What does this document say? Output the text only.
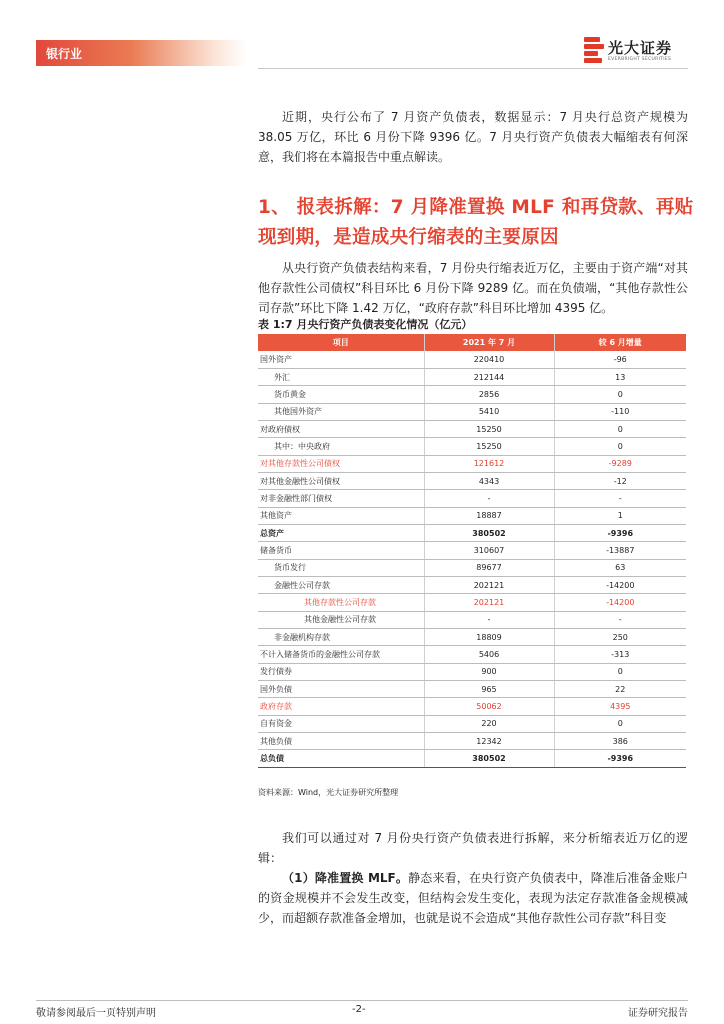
银行业	光大证券
EVERBRIGHT SECURITIES

近期，央行公布了 7 月资产负债表，数据显示：7 月央行总资产规模为 38.05 万亿，环比 6 月份下降 9396 亿。7 月央行资产负债表大幅缩表有何深意，我们将在本篇报告中重点解读。

1、 报表拆解：7 月降准置换 MLF 和再贷款、再贴现到期，是造成央行缩表的主要原因

从央行资产负债表结构来看，7 月份央行缩表近万亿，主要由于资产端“对其他存款性公司债权”科目环比 6 月份下降 9289 亿。而在负债端，“其他存款性公司存款”环比下降 1.42 万亿，“政府存款”科目环比增加 4395 亿。

表 1:7 月央行资产负债表变化情况（亿元）
项目	2021 年 7 月	较 6 月增量
国外资产	220410	-96
外汇	212144	13
货币黄金	2856	0
其他国外资产	5410	-110
对政府债权	15250	0
其中：中央政府	15250	0
对其他存款性公司债权	121612	-9289
对其他金融性公司债权	4343	-12
对非金融性部门债权	-	-
其他资产	18887	1
总资产	380502	-9396
储备货币	310607	-13887
货币发行	89677	63
金融性公司存款	202121	-14200
其他存款性公司存款	202121	-14200
其他金融性公司存款	-	-
非金融机构存款	18809	250
不计入储备货币的金融性公司存款	5406	-313
发行债券	900	0
国外负债	965	22
政府存款	50062	4395
自有资金	220	0
其他负债	12342	386
总负债	380502	-9396
资料来源：Wind，光大证券研究所整理

我们可以通过对 7 月份央行资产负债表进行拆解，来分析缩表近万亿的逻辑：

（1）降准置换 MLF。静态来看，在央行资产负债表中，降准后准备金账户的资金规模并不会发生改变，但结构会发生变化，表现为法定存款准备金规模减少，而超额存款准备金增加，也就是说不会造成“其他存款性公司存款”科目变

敬请参阅最后一页特别声明	-2-	证券研究报告
